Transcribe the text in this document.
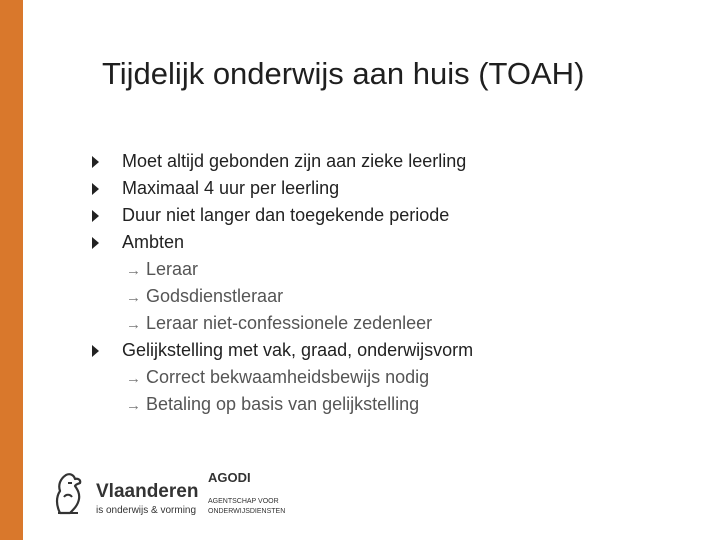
Tijdelijk onderwijs aan huis (TOAH)
Moet altijd gebonden zijn aan zieke leerling
Maximaal 4 uur per leerling
Duur niet langer dan toegekende periode
Ambten
→ Leraar
→ Godsdienstleraar
→ Leraar niet-confessionele zedenleer
Gelijkstelling met vak, graad, onderwijsvorm
→ Correct bekwaamheidsbewijs nodig
→ Betaling op basis van gelijkstelling
Vlaanderen
is onderwijs & vorming
AGODI
AGENTSCHAP VOOR ONDERWIJSDIENSTEN
